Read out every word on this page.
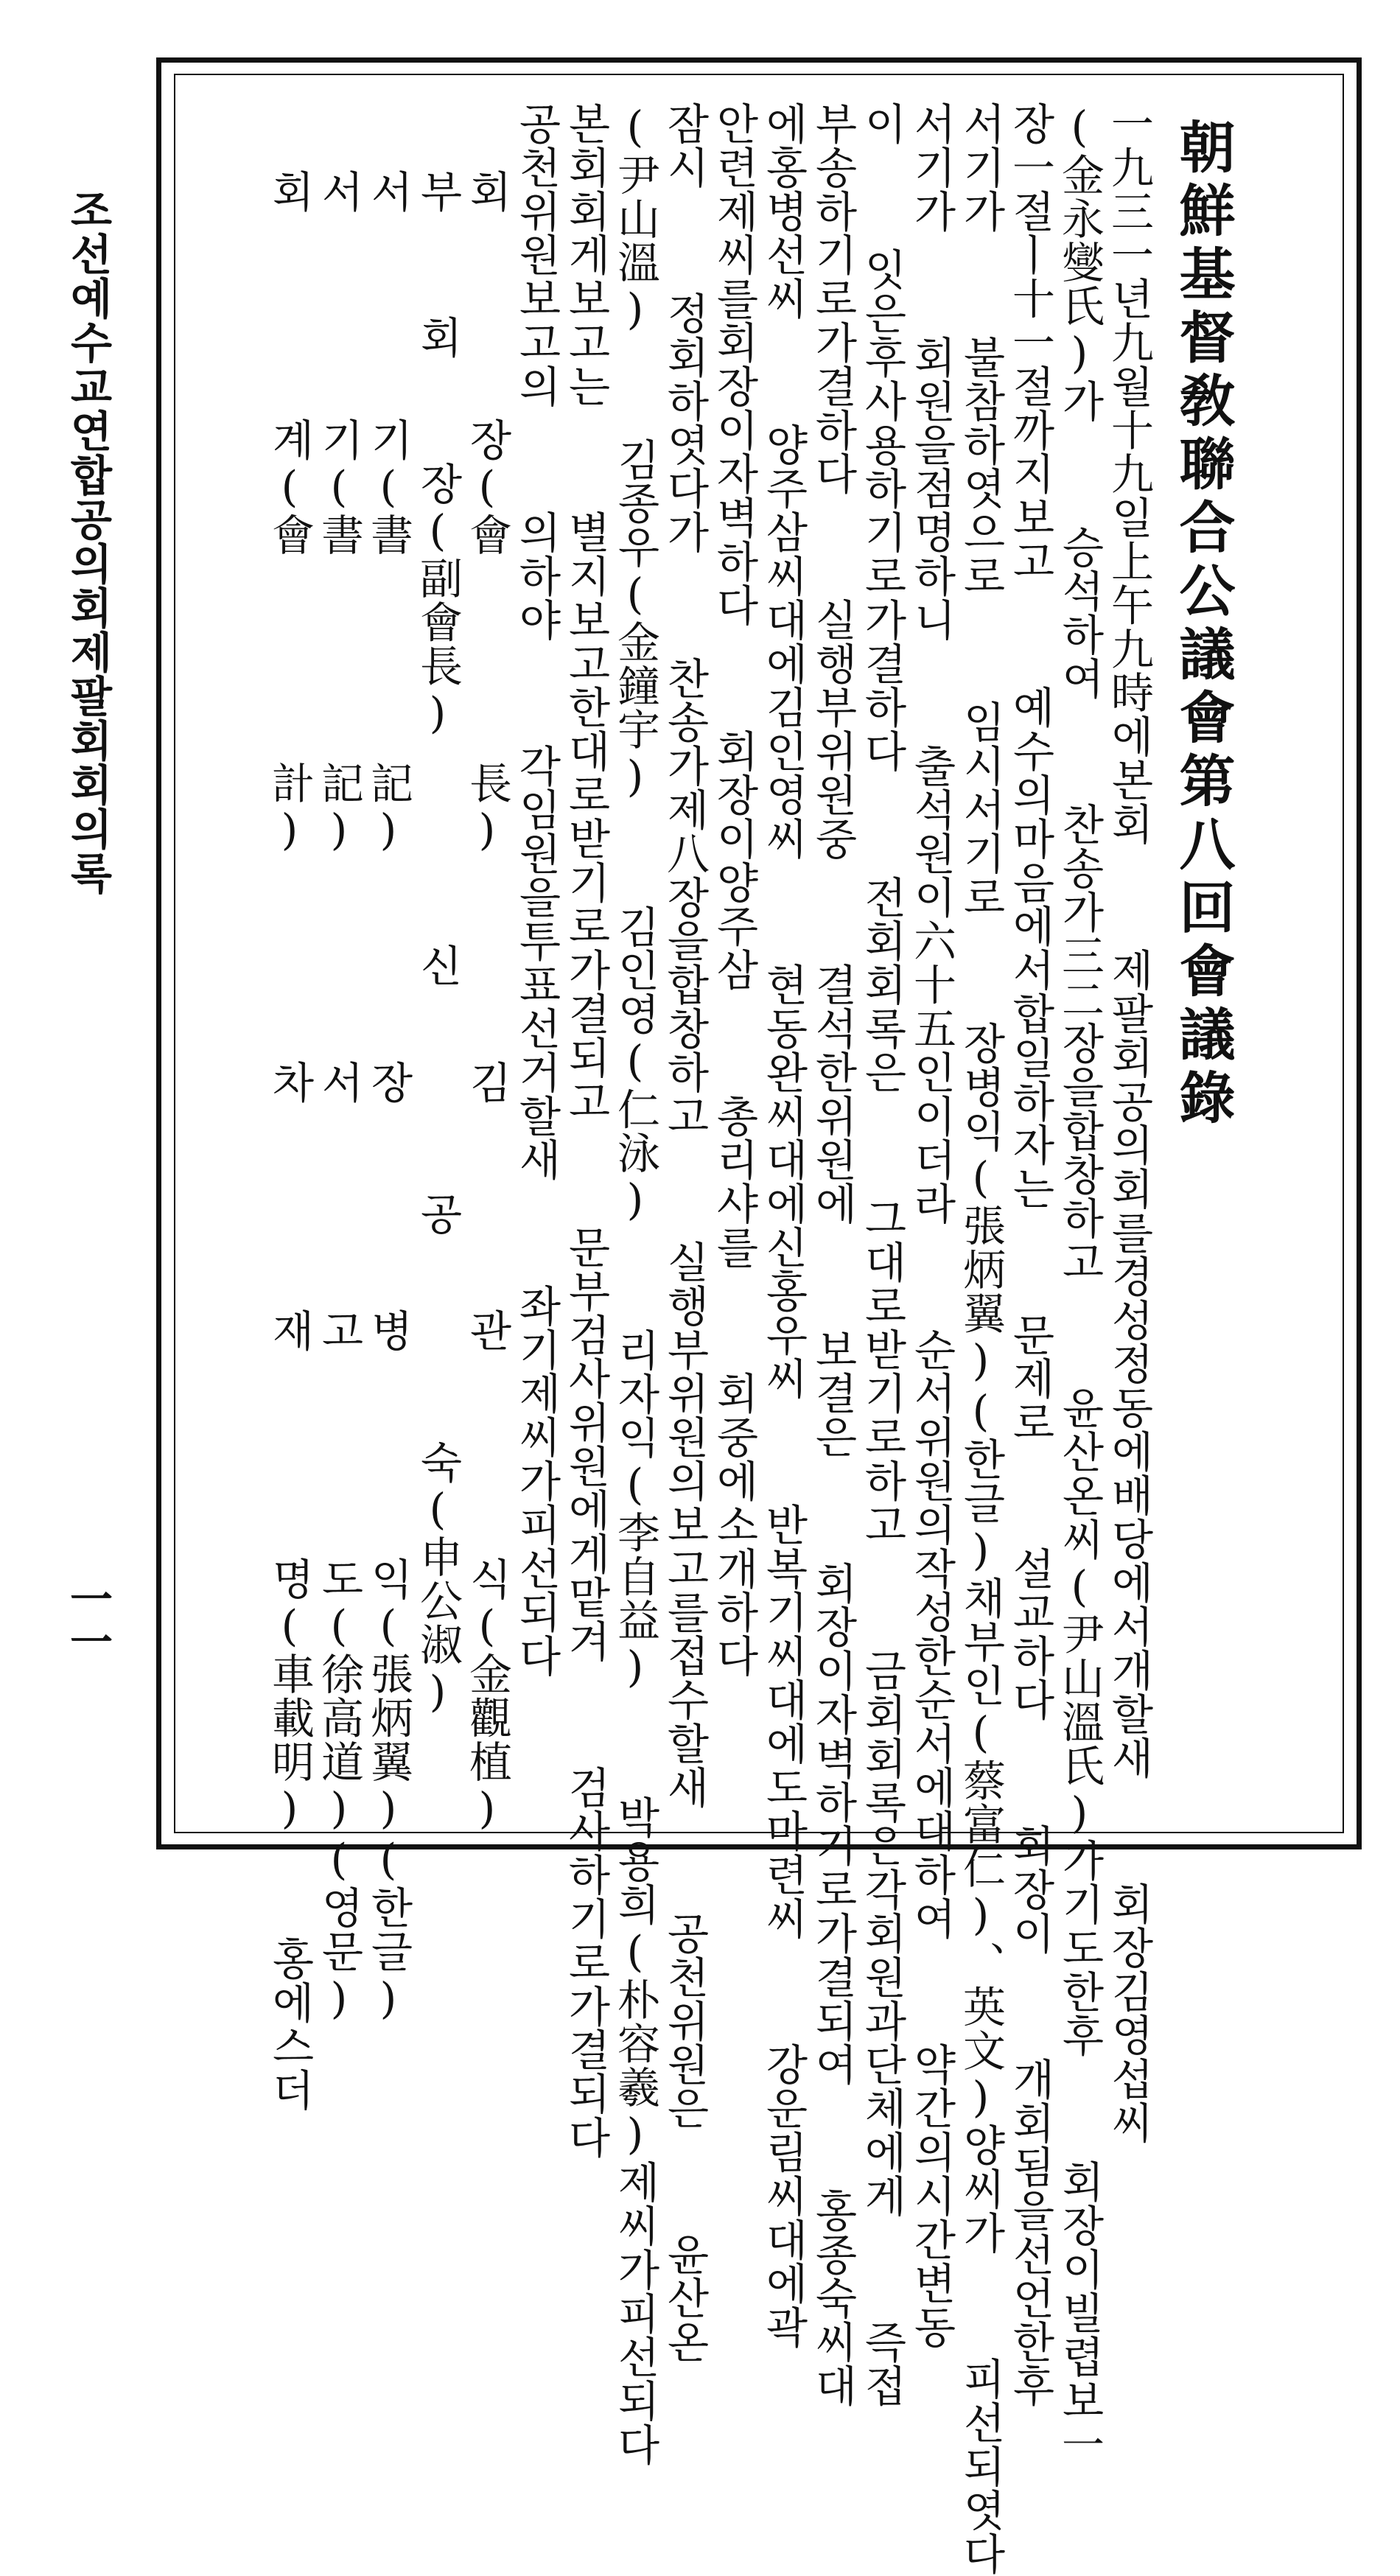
朝鮮基督敎聯合公議會第八回會議錄
一九三一년九월十九일上午九時에본회  제팔회공의회를경성정동에배당에서개할새  회장김영섭씨
(金永燮氏)가  승석하여  찬송가三二장을합창하고  윤산온씨(尹山溫氏)가기도한후  회장이빌렵보一
장一절ㅣ十一절까지보고  예수의마음에서합일하자는  문제로  설교하다  회장이  개회됨을선언한후
서기가  불참하엿으로  임시서기로  장병익(張炳翼)(한글)채부인(蔡富仁)、英文)양씨가  피선되엿다
서기가  회원을점명하니  출석원이六十五인이더라  순서위원의작성한순서에대하여  약간의시간변동
이  잇은후사용하기로가결하다  전회회록은  그대로받기로하고  금회회록은각회원과단체에게  즉접
부송하기로가결하다  실행부위원중  결석한위원에  보결은  회장이자벽하기로가결되여  홍종숙씨대
에홍병선씨  양주삼씨대에김인영씨  현동완씨대에신홍우씨  반복기씨대에도마련씨  강운림씨대에곽
안련제씨를회장이자벽하다  회장이양주삼  총리샤를  회중에소개하다
잠시  정회하엿다가  찬송가제八장을합창하고  실행부위원의보고를접수할새  공천위원은  윤산온
(尹山溫)  김종우(金鐘宇)  김인영(仁泳)  리자익(李自益)  박용희(朴容羲)제씨가피선되다
본회회게보고는  별지보고한대로받기로가결되고  문부검사위원에게맡겨  검사하기로가결되다
공천위원보고의  의하야  각임원을투표선거할새  좌기제씨가피선되다
회    장(會    長)    김    관    식(金觀植)
부  회  장(副會長)    신    공    숙(申公淑)
서    기(書    記)    장    병    익(張炳翼)(한글)
서    기(書    記)    서    고    도(徐高道)(영문)
회    계(會    計)    차    재    명(車載明)  홍에스더
조선예수교연합공의회제팔회회의록
一一
